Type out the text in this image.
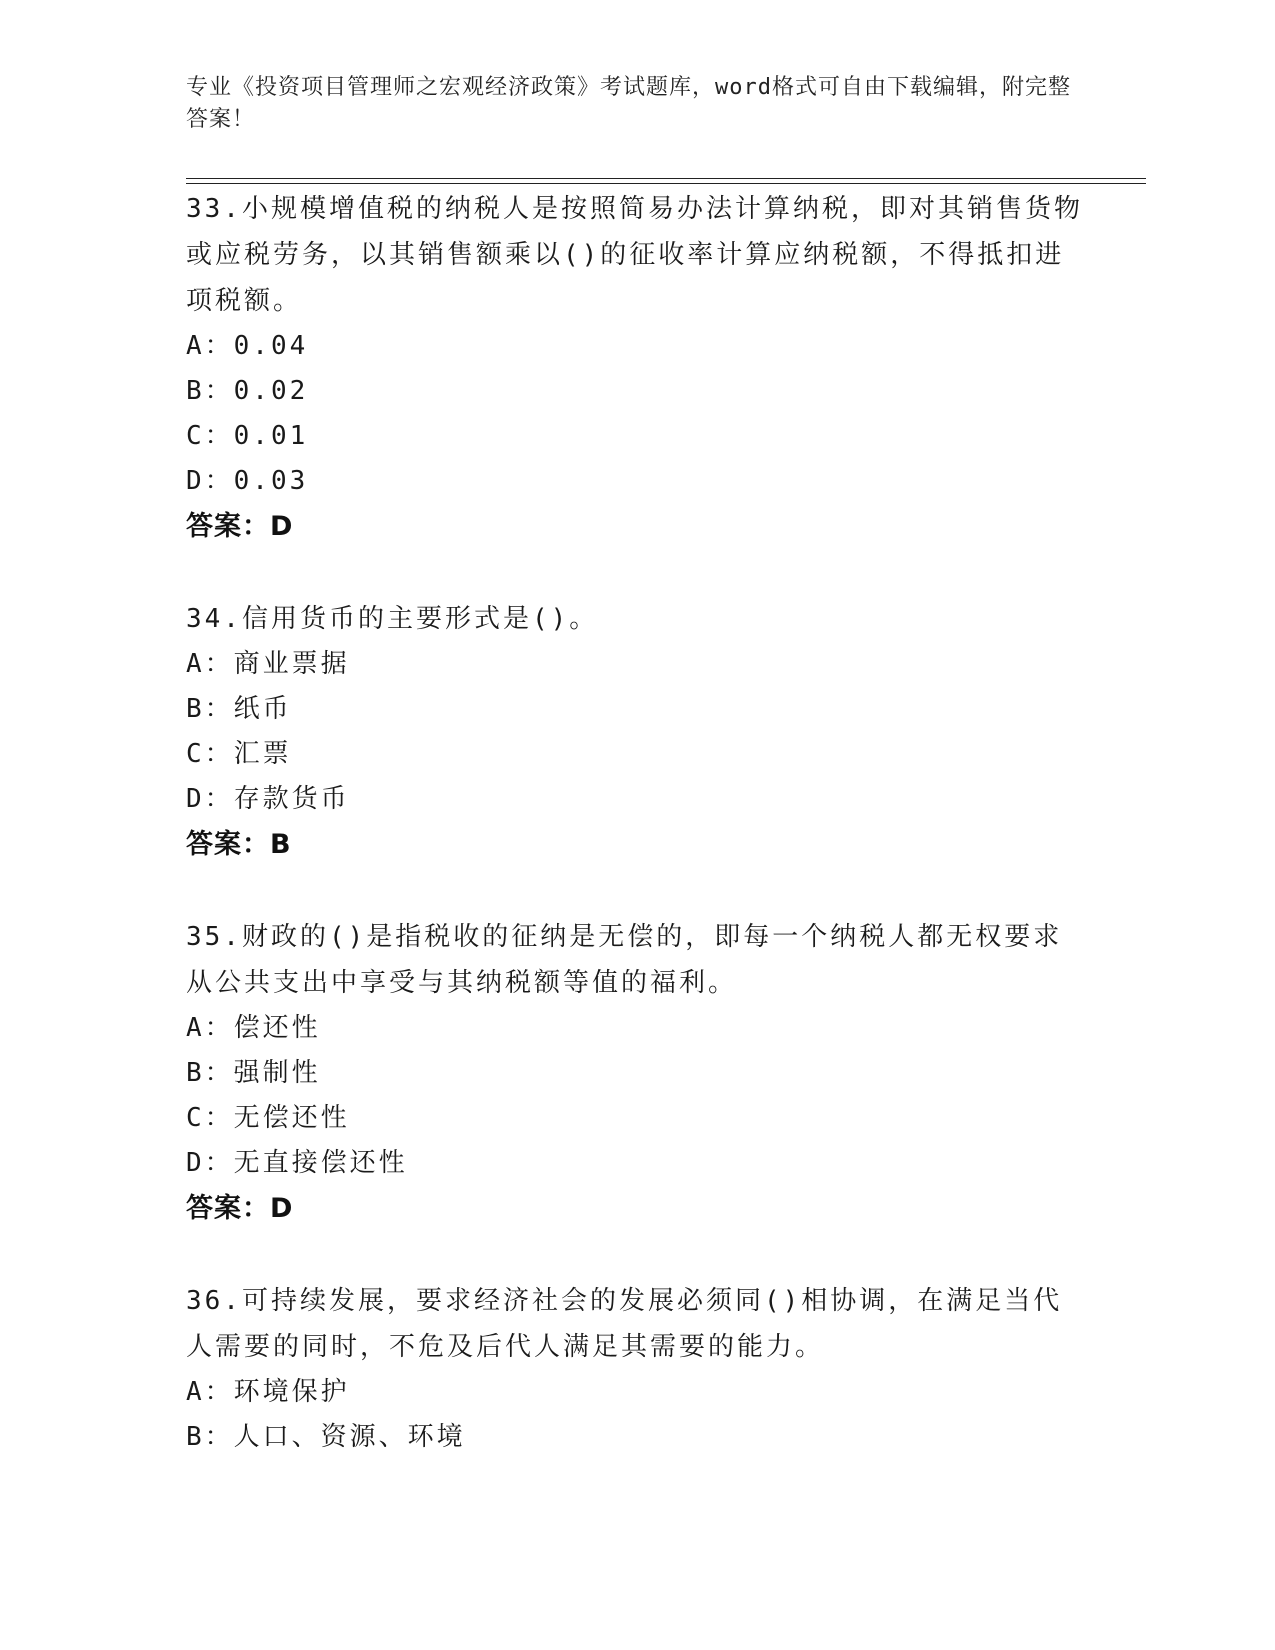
专业《投资项目管理师之宏观经济政策》考试题库，word格式可自由下载编辑，附完整答案！
33.小规模增值税的纳税人是按照简易办法计算纳税，即对其销售货物或应税劳务，以其销售额乘以()的征收率计算应纳税额，不得抵扣进项税额。
A：0.04
B：0.02
C：0.01
D：0.03
答案：D
34.信用货币的主要形式是()。
A：商业票据
B：纸币
C：汇票
D：存款货币
答案：B
35.财政的()是指税收的征纳是无偿的，即每一个纳税人都无权要求从公共支出中享受与其纳税额等值的福利。
A：偿还性
B：强制性
C：无偿还性
D：无直接偿还性
答案：D
36.可持续发展，要求经济社会的发展必须同()相协调，在满足当代人需要的同时，不危及后代人满足其需要的能力。
A：环境保护
B：人口、资源、环境
